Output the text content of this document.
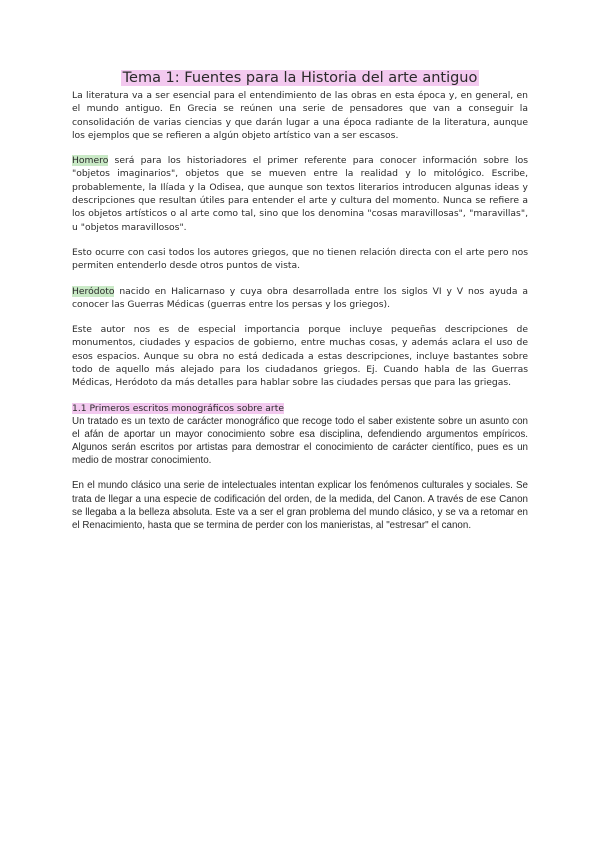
Tema 1: Fuentes para la Historia del arte antiguo

La literatura va a ser esencial para el entendimiento de las obras en esta época y, en general, en el mundo antiguo. En Grecia se reúnen una serie de pensadores que van a conseguir la consolidación de varias ciencias y que darán lugar a una época radiante de la literatura, aunque los ejemplos que se refieren a algún objeto artístico van a ser escasos.

Homero será para los historiadores el primer referente para conocer información sobre los "objetos imaginarios", objetos que se mueven entre la realidad y lo mitológico. Escribe, probablemente, la Ilíada y la Odisea, que aunque son textos literarios introducen algunas ideas y descripciones que resultan útiles para entender el arte y cultura del momento. Nunca se refiere a los objetos artísticos o al arte como tal, sino que los denomina "cosas maravillosas", "maravillas", u "objetos maravillosos".

Esto ocurre con casi todos los autores griegos, que no tienen relación directa con el arte pero nos permiten entenderlo desde otros puntos de vista.

Heródoto nacido en Halicarnaso y cuya obra desarrollada entre los siglos VI y V nos ayuda a conocer las Guerras Médicas (guerras entre los persas y los griegos).

Este autor nos es de especial importancia porque incluye pequeñas descripciones de monumentos, ciudades y espacios de gobierno, entre muchas cosas, y además aclara el uso de esos espacios. Aunque su obra no está dedicada a estas descripciones, incluye bastantes sobre todo de aquello más alejado para los ciudadanos griegos. Ej. Cuando habla de las Guerras Médicas, Heródoto da más detalles para hablar sobre las ciudades persas que para las griegas.

1.1 Primeros escritos monográficos sobre arte

Un tratado es un texto de carácter monográfico que recoge todo el saber existente sobre un asunto con el afán de aportar un mayor conocimiento sobre esa disciplina, defendiendo argumentos empíricos. Algunos serán escritos por artistas para demostrar el conocimiento de carácter científico, pues es un medio de mostrar conocimiento.

En el mundo clásico una serie de intelectuales intentan explicar los fenómenos culturales y sociales. Se trata de llegar a una especie de codificación del orden, de la medida, del Canon. A través de ese Canon se llegaba a la belleza absoluta. Este va a ser el gran problema del mundo clásico, y se va a retomar en el Renacimiento, hasta que se termina de perder con los manieristas, al "estresar" el canon.
